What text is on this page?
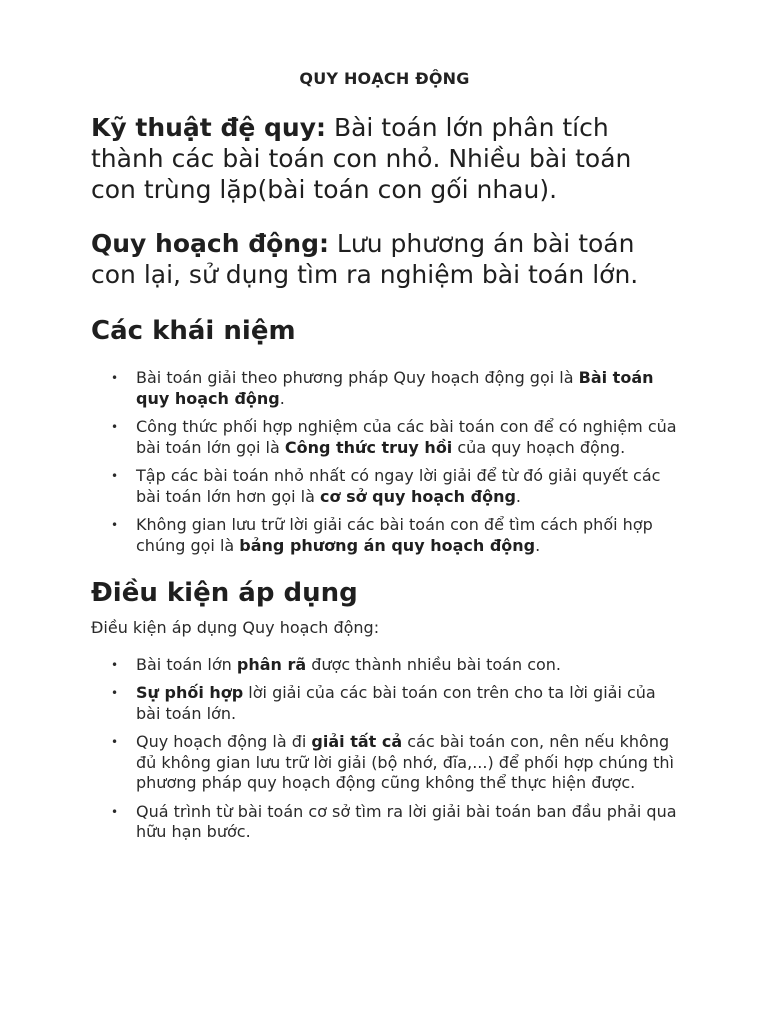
QUY HOẠCH ĐỘNG

Kỹ thuật đệ quy: Bài toán lớn phân tích thành các bài toán con nhỏ. Nhiều bài toán con trùng lặp(bài toán con gối nhau).

Quy hoạch động: Lưu phương án bài toán con lại, sử dụng tìm ra nghiệm bài toán lớn.

Các khái niệm
• Bài toán giải theo phương pháp Quy hoạch động gọi là Bài toán quy hoạch động.
• Công thức phối hợp nghiệm của các bài toán con để có nghiệm của bài toán lớn gọi là Công thức truy hồi của quy hoạch động.
• Tập các bài toán nhỏ nhất có ngay lời giải để từ đó giải quyết các bài toán lớn hơn gọi là cơ sở quy hoạch động.
• Không gian lưu trữ lời giải các bài toán con để tìm cách phối hợp chúng gọi là bảng phương án quy hoạch động.
Điều kiện áp dụng

Điều kiện áp dụng Quy hoạch động:

• Bài toán lớn phân rã được thành nhiều bài toán con.
• Sự phối hợp lời giải của các bài toán con trên cho ta lời giải của bài toán lớn.
• Quy hoạch động là đi giải tất cả các bài toán con, nên nếu không đủ không gian lưu trữ lời giải (bộ nhớ, đĩa,...) để phối hợp chúng thì phương pháp quy hoạch động cũng không thể thực hiện được.
• Quá trình từ bài toán cơ sở tìm ra lời giải bài toán ban đầu phải qua hữu hạn bước.
